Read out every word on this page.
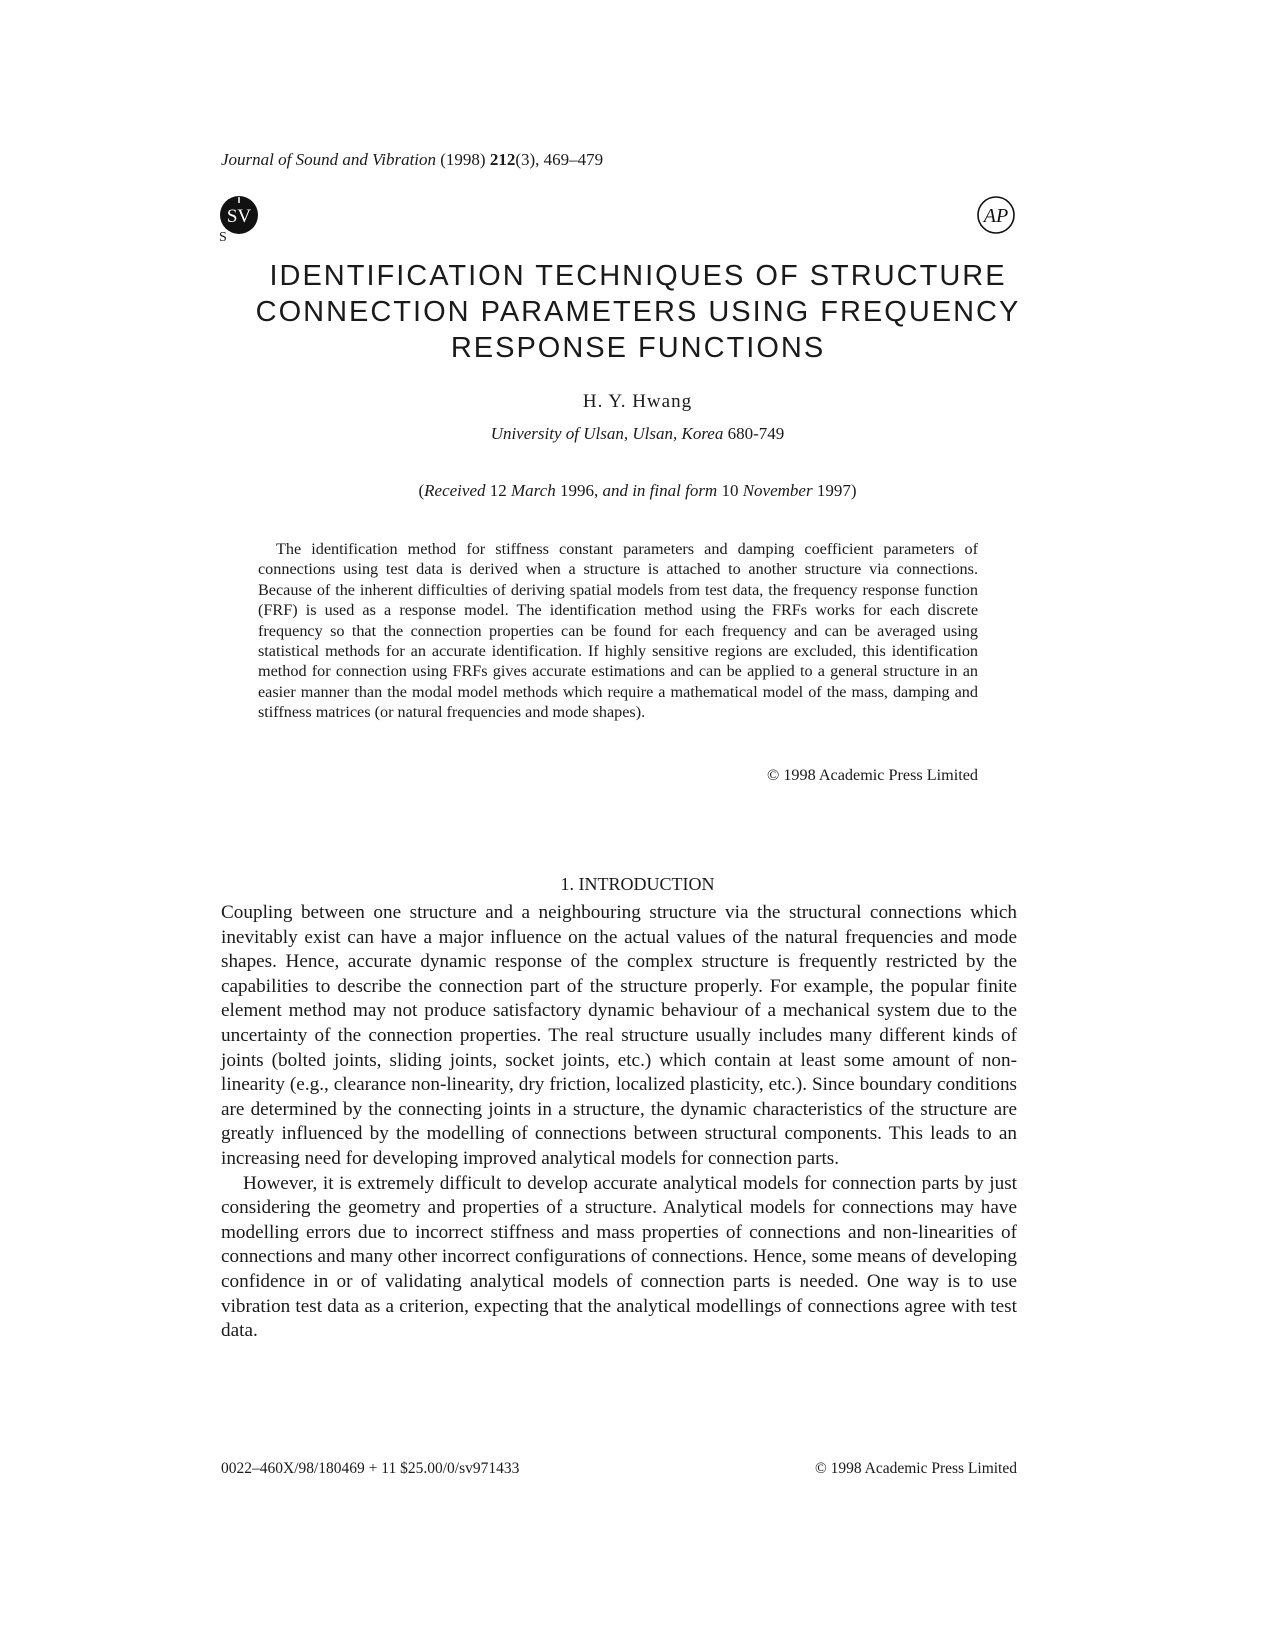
Journal of Sound and Vibration (1998) 212(3), 469–479
SV
S
AP
IDENTIFICATION TECHNIQUES OF STRUCTURE
CONNECTION PARAMETERS USING FREQUENCY
RESPONSE FUNCTIONS
H. Y. Hwang
University of Ulsan, Ulsan, Korea 680-749
(Received 12 March 1996, and in final form 10 November 1997)
The identification method for stiffness constant parameters and damping coefficient parameters of connections using test data is derived when a structure is attached to another structure via connections. Because of the inherent difficulties of deriving spatial models from test data, the frequency response function (FRF) is used as a response model. The identification method using the FRFs works for each discrete frequency so that the connection properties can be found for each frequency and can be averaged using statistical methods for an accurate identification. If highly sensitive regions are excluded, this identification method for connection using FRFs gives accurate estimations and can be applied to a general structure in an easier manner than the modal model methods which require a mathematical model of the mass, damping and stiffness matrices (or natural frequencies and mode shapes).
© 1998 Academic Press Limited
1. INTRODUCTION

Coupling between one structure and a neighbouring structure via the structural connections which inevitably exist can have a major influence on the actual values of the natural frequencies and mode shapes. Hence, accurate dynamic response of the complex structure is frequently restricted by the capabilities to describe the connection part of the structure properly. For example, the popular finite element method may not produce satisfactory dynamic behaviour of a mechanical system due to the uncertainty of the connection properties. The real structure usually includes many different kinds of joints (bolted joints, sliding joints, socket joints, etc.) which contain at least some amount of non-linearity (e.g., clearance non-linearity, dry friction, localized plasticity, etc.). Since boundary conditions are determined by the connecting joints in a structure, the dynamic characteristics of the structure are greatly influenced by the modelling of connections between structural components. This leads to an increasing need for developing improved analytical models for connection parts.

However, it is extremely difficult to develop accurate analytical models for connection parts by just considering the geometry and properties of a structure. Analytical models for connections may have modelling errors due to incorrect stiffness and mass properties of connections and non-linearities of connections and many other incorrect configurations of connections. Hence, some means of developing confidence in or of validating analytical models of connection parts is needed. One way is to use vibration test data as a criterion, expecting that the analytical modellings of connections agree with test data.

0022–460X/98/180469 + 11 $25.00/0/sv971433	© 1998 Academic Press Limited
